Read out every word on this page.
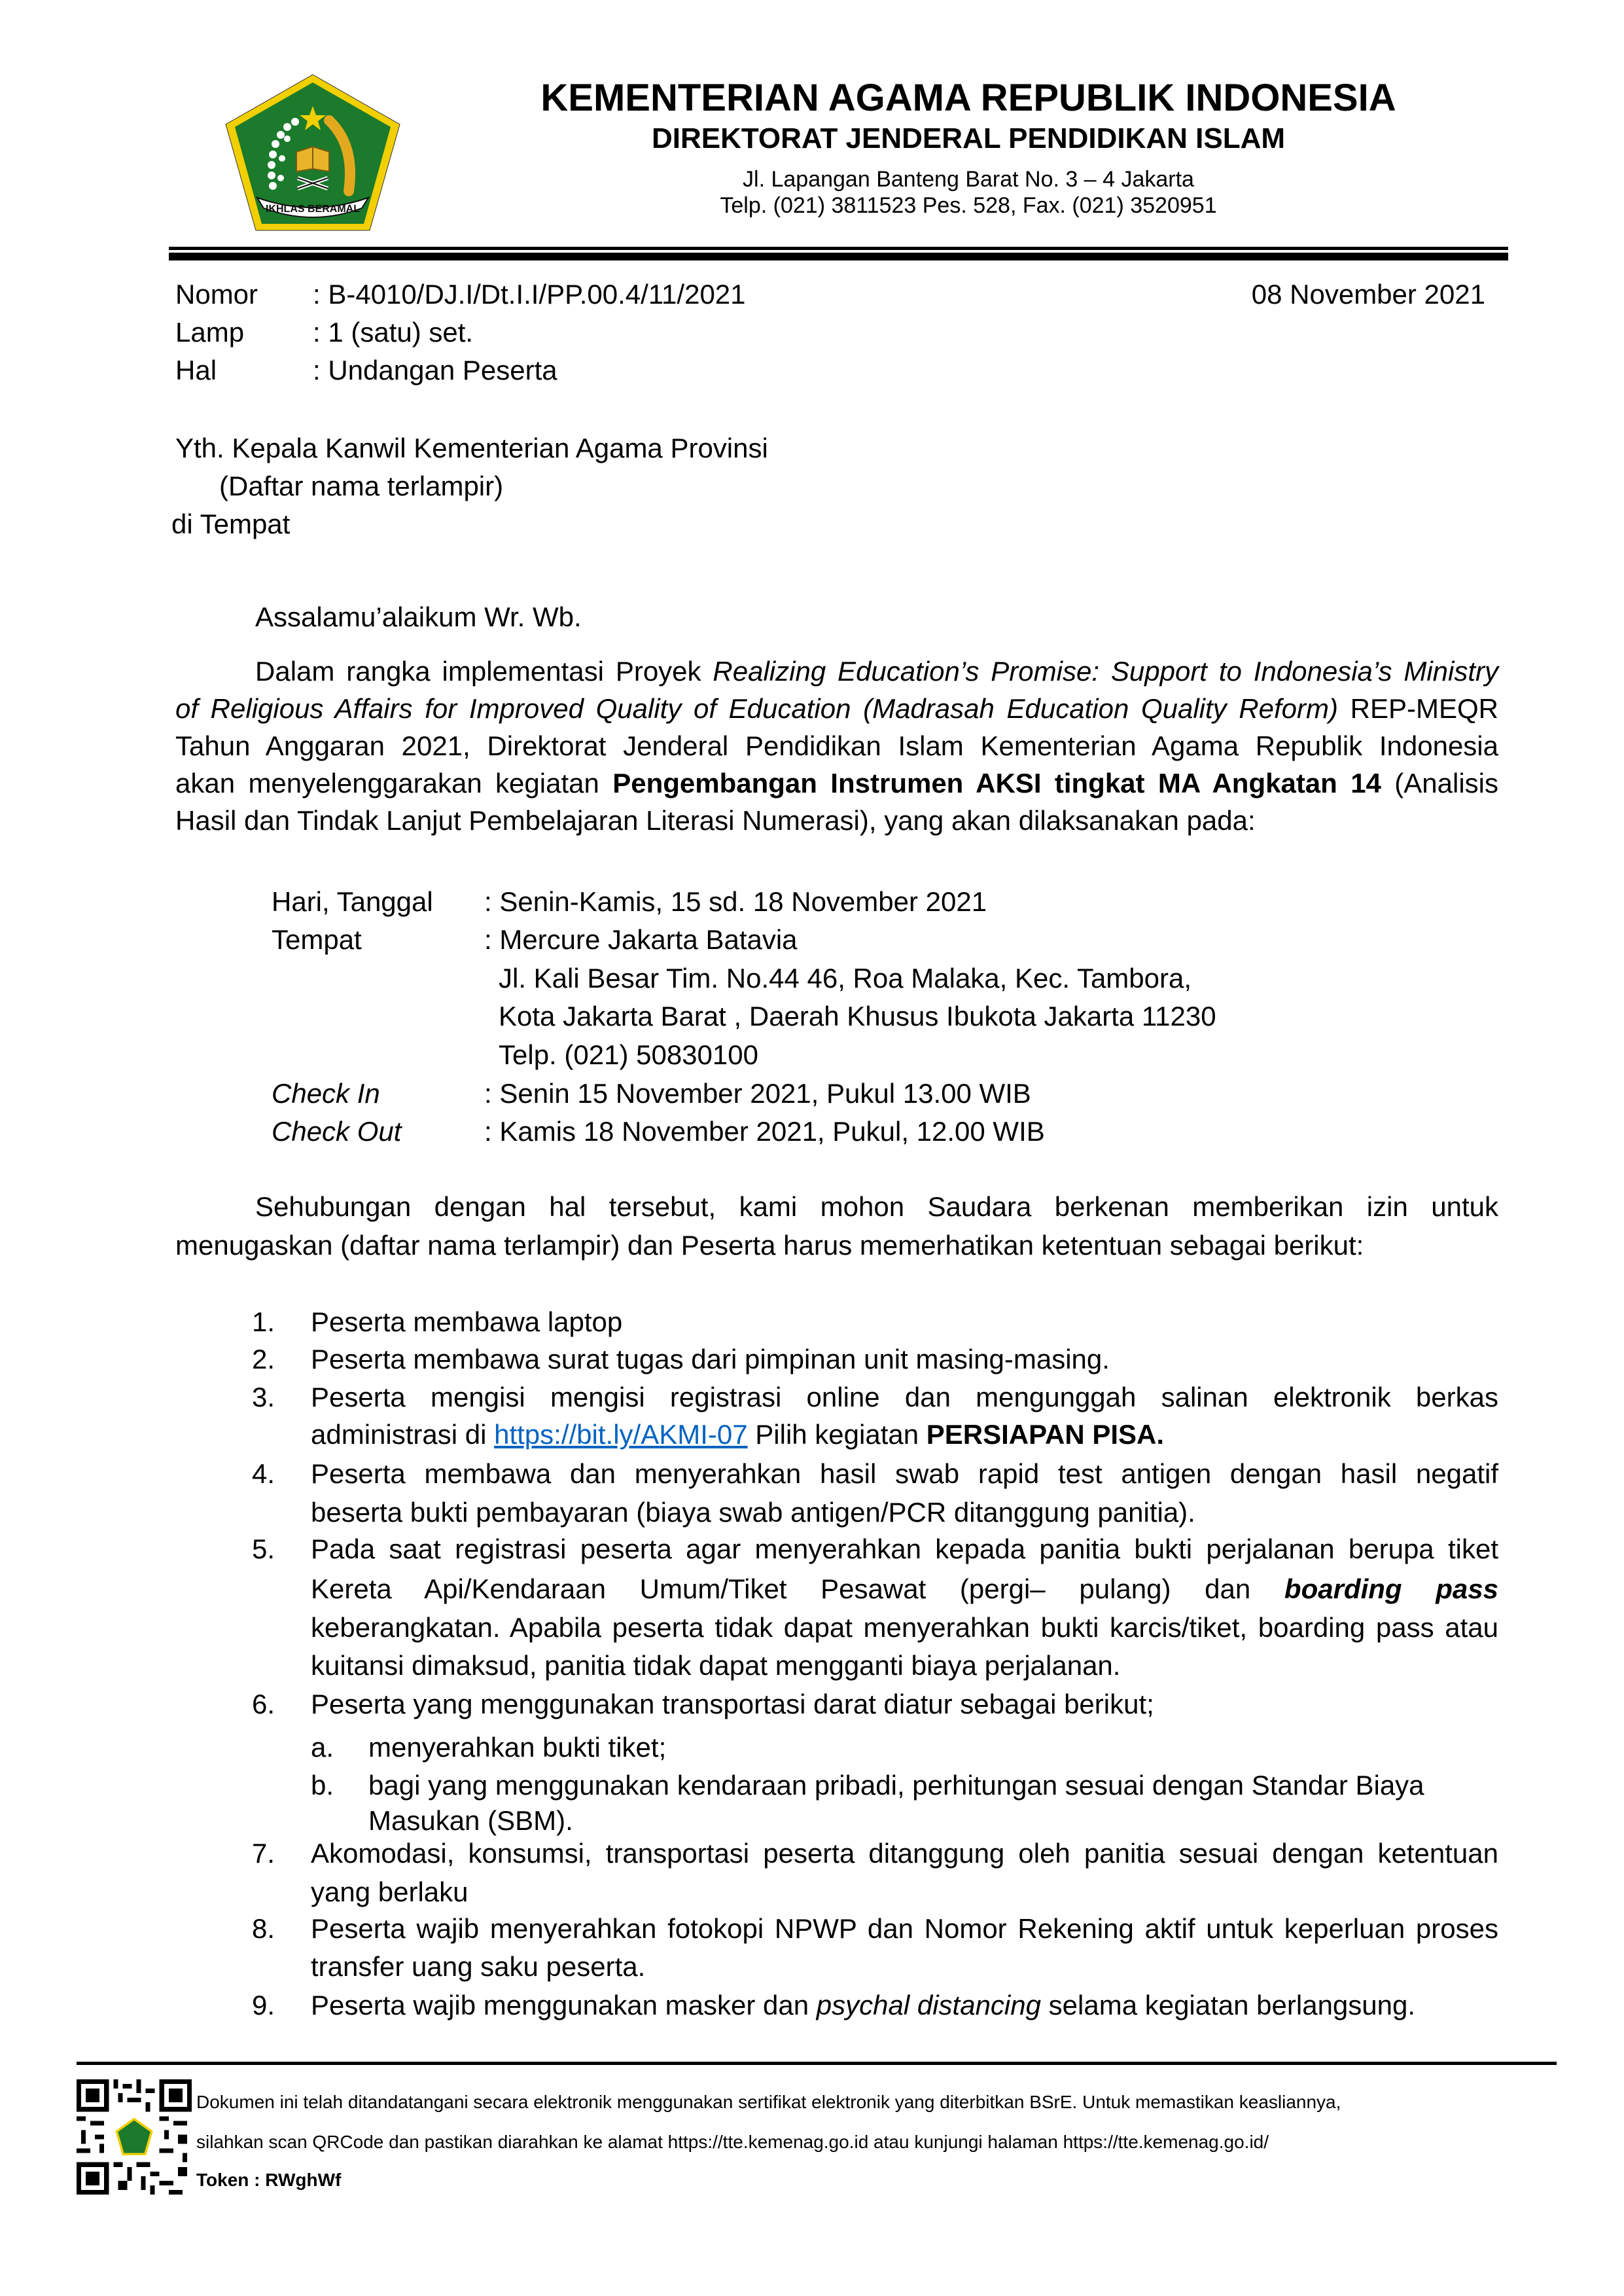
IKHLAS BERAMAL
KEMENTERIAN AGAMA REPUBLIK INDONESIA
DIREKTORAT JENDERAL PENDIDIKAN ISLAM
Jl. Lapangan Banteng Barat No. 3 – 4 Jakarta
Telp. (021) 3811523 Pes. 528, Fax. (021) 3520951
Nomor : B-4010/DJ.I/Dt.I.I/PP.00.4/11/2021	08 November 2021
Lamp : 1 (satu) set.
Hal	: Undangan Peserta
Yth. Kepala Kanwil Kementerian Agama Provinsi
(Daftar nama terlampir)
di Tempat
Assalamu’alaikum Wr. Wb.
Dalam rangka implementasi Proyek Realizing Education’s Promise: Support to Indonesia’s Ministry
of Religious Affairs for Improved Quality of Education (Madrasah Education Quality Reform) REP-MEQR
Tahun Anggaran 2021, Direktorat Jenderal Pendidikan Islam Kementerian Agama Republik Indonesia
akan menyelenggarakan kegiatan Pengembangan Instrumen AKSI tingkat MA Angkatan 14 (Analisis
Hasil dan Tindak Lanjut Pembelajaran Literasi Numerasi), yang akan dilaksanakan pada:
Hari, Tanggal : Senin-Kamis, 15 sd. 18 November 2021
Tempat	: Mercure Jakarta Batavia
Jl. Kali Besar Tim. No.44 46, Roa Malaka, Kec. Tambora,
Kota Jakarta Barat , Daerah Khusus Ibukota Jakarta 11230
Telp. (021) 50830100
Check In	: Senin 15 November 2021, Pukul 13.00 WIB
Check Out	: Kamis 18 November 2021, Pukul, 12.00 WIB
Sehubungan dengan hal tersebut, kami mohon Saudara berkenan memberikan izin untuk
menugaskan (daftar nama terlampir) dan Peserta harus memerhatikan ketentuan sebagai berikut:
1. Peserta membawa laptop
2. Peserta membawa surat tugas dari pimpinan unit masing-masing.
3. Peserta mengisi mengisi registrasi online dan mengunggah salinan elektronik berkas
administrasi di https://bit.ly/AKMI-07 Pilih kegiatan PERSIAPAN PISA.
4. Peserta membawa dan menyerahkan hasil swab rapid test antigen dengan hasil negatif
beserta bukti pembayaran (biaya swab antigen/PCR ditanggung panitia).
5. Pada saat registrasi peserta agar menyerahkan kepada panitia bukti perjalanan berupa tiket
Kereta Api/Kendaraan Umum/Tiket Pesawat (pergi– pulang) dan boarding pass
keberangkatan. Apabila peserta tidak dapat menyerahkan bukti karcis/tiket, boarding pass atau
kuitansi dimaksud, panitia tidak dapat mengganti biaya perjalanan.
6. Peserta yang menggunakan transportasi darat diatur sebagai berikut;
a. menyerahkan bukti tiket;
b. bagi yang menggunakan kendaraan pribadi, perhitungan sesuai dengan Standar Biaya
Masukan (SBM).
7. Akomodasi, konsumsi, transportasi peserta ditanggung oleh panitia sesuai dengan ketentuan
yang berlaku
8. Peserta wajib menyerahkan fotokopi NPWP dan Nomor Rekening aktif untuk keperluan proses
transfer uang saku peserta.
9. Peserta wajib menggunakan masker dan psychal distancing selama kegiatan berlangsung.
Dokumen ini telah ditandatangani secara elektronik menggunakan sertifikat elektronik yang diterbitkan BSrE. Untuk memastikan keasliannya,
silahkan scan QRCode dan pastikan diarahkan ke alamat https://tte.kemenag.go.id atau kunjungi halaman https://tte.kemenag.go.id/
Token : RWghWf
